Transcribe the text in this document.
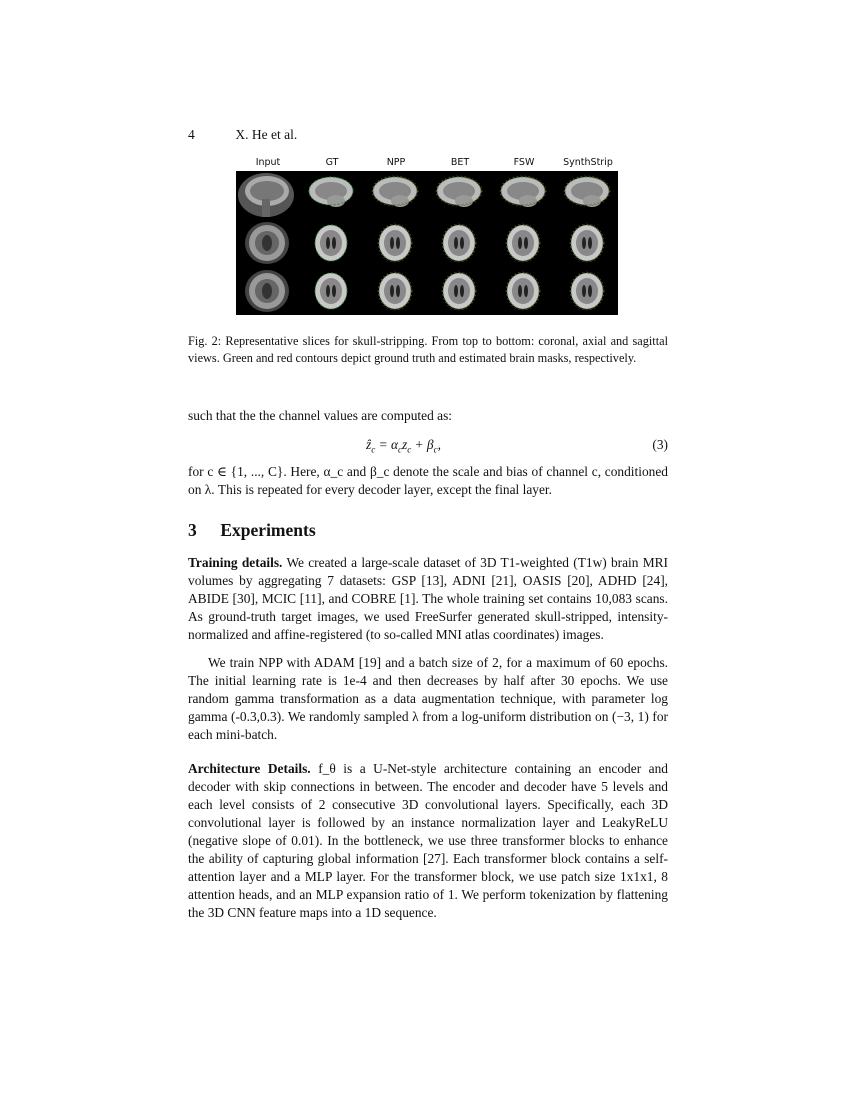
4	X. He et al.
Input	GT	NPP	BET	FSW	SynthStrip
Fig. 2: Representative slices for skull-stripping. From top to bottom: coronal, axial and sagittal views. Green and red contours depict ground truth and estimated brain masks, respectively.
such that the the channel values are computed as:
ẑ$_c$ = $\alpha_cz_c + \beta_c$,	(3)
for c ∈ {1, ..., C}. Here, α_c and β_c denote the scale and bias of channel c, conditioned on λ. This is repeated for every decoder layer, except the final layer.
3 Experiments
Training details. We created a large-scale dataset of 3D T1-weighted (T1w) brain MRI volumes by aggregating 7 datasets: GSP [13], ADNI [21], OASIS [20], ADHD [24], ABIDE [30], MCIC [11], and COBRE [1]. The whole training set contains 10,083 scans. As ground-truth target images, we used FreeSurfer generated skull-stripped, intensity-normalized and affine-registered (to so-called MNI atlas coordinates) images.
We train NPP with ADAM [19] and a batch size of 2, for a maximum of 60 epochs. The initial learning rate is 1e-4 and then decreases by half after 30 epochs. We use random gamma transformation as a data augmentation technique, with parameter log gamma (-0.3,0.3). We randomly sampled λ from a log-uniform distribution on (−3, 1) for each mini-batch.
Architecture Details. f_θ is a U-Net-style architecture containing an encoder and decoder with skip connections in between. The encoder and decoder have 5 levels and each level consists of 2 consecutive 3D convolutional layers. Specifically, each 3D convolutional layer is followed by an instance normalization layer and LeakyReLU (negative slope of 0.01). In the bottleneck, we use three transformer blocks to enhance the ability of capturing global information [27]. Each transformer block contains a self-attention layer and a MLP layer. For the transformer block, we use patch size 1x1x1, 8 attention heads, and an MLP expansion ratio of 1. We perform tokenization by flattening the 3D CNN feature maps into a 1D sequence.
